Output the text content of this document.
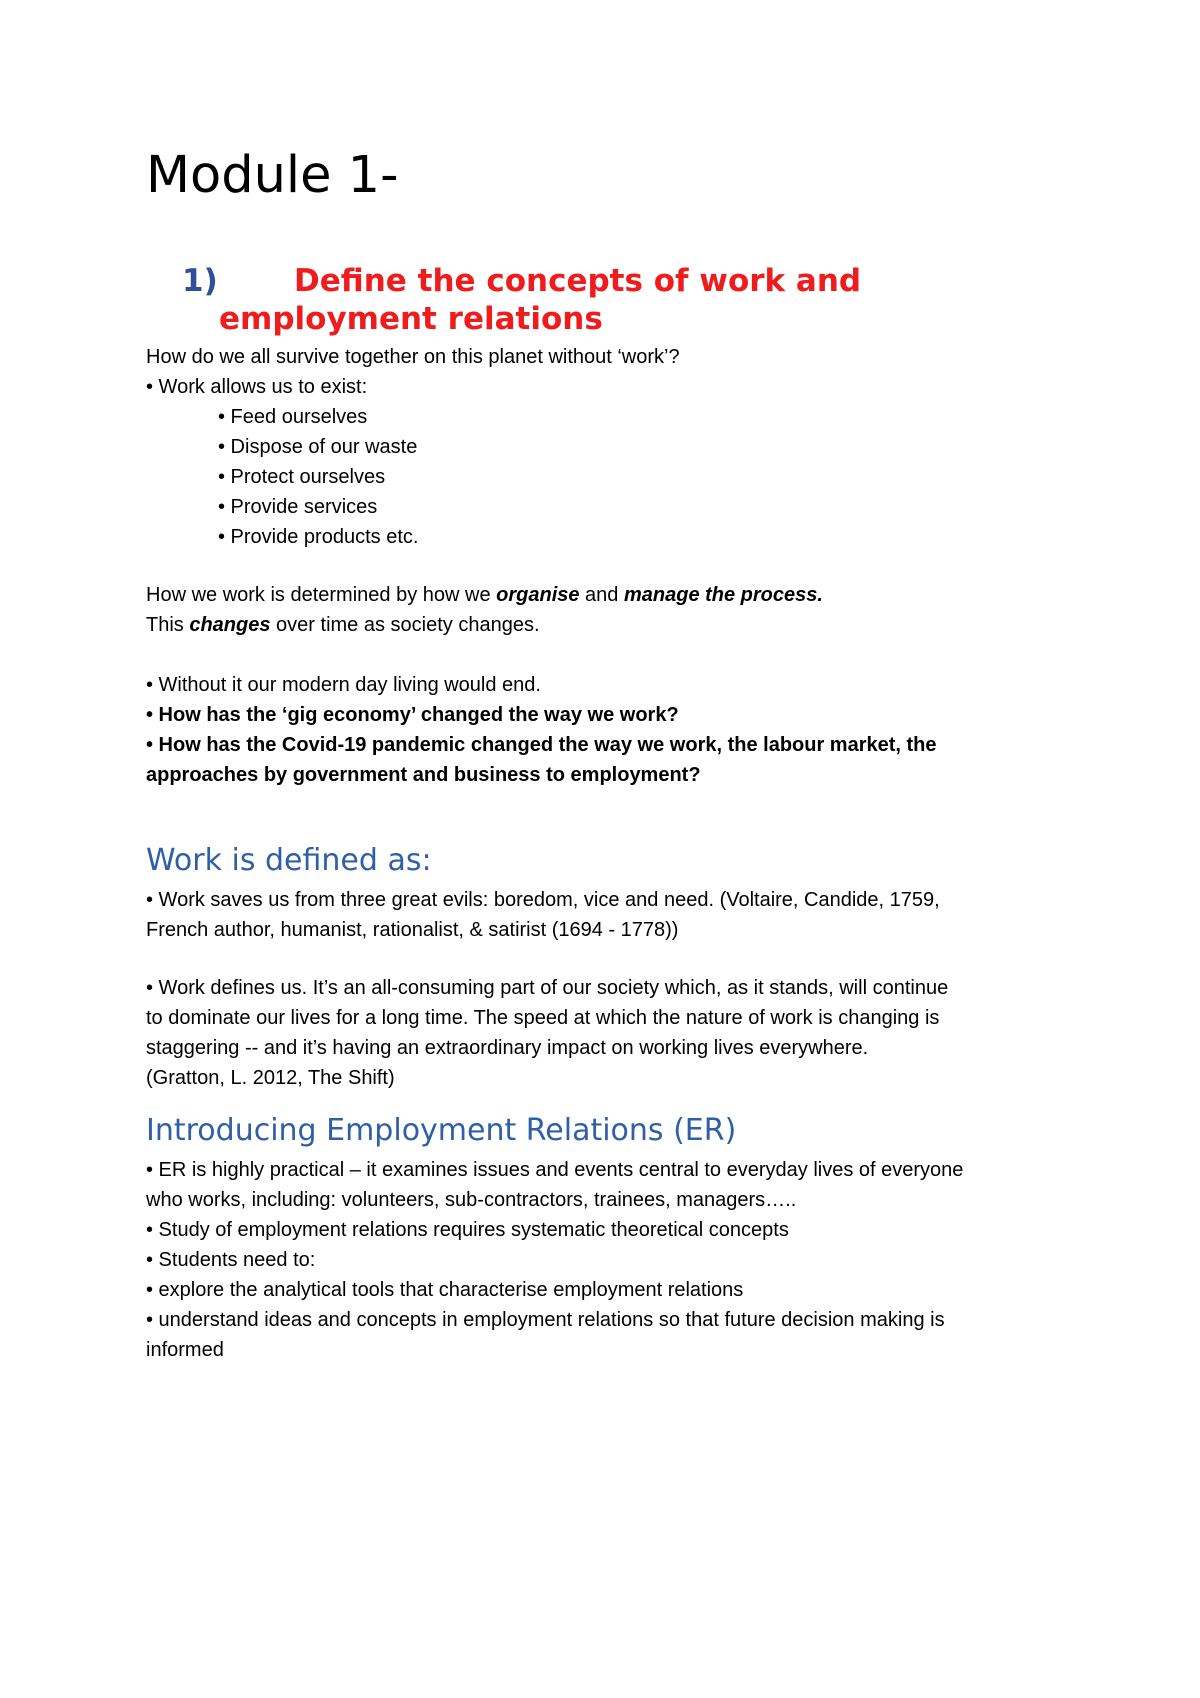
Module 1-
1) Define the concepts of work and

employment relations

How do we all survive together on this planet without ‘work’?

• Work allows us to exist:

• Feed ourselves

• Dispose of our waste

• Protect ourselves

• Provide services

• Provide products etc.

How we work is determined by how we organise and manage the process.

This changes over time as society changes.

• Without it our modern day living would end.

• How has the ‘gig economy’ changed the way we work?

• How has the Covid-19 pandemic changed the way we work, the labour market, the

approaches by government and business to employment?

Work is defined as:

• Work saves us from three great evils: boredom, vice and need. (Voltaire, Candide, 1759,

French author, humanist, rationalist, & satirist (1694 - 1778))

• Work defines us. It’s an all-consuming part of our society which, as it stands, will continue

to dominate our lives for a long time. The speed at which the nature of work is changing is

staggering -- and it’s having an extraordinary impact on working lives everywhere.

(Gratton, L. 2012, The Shift)

Introducing Employment Relations (ER)

• ER is highly practical – it examines issues and events central to everyday lives of everyone

who works, including: volunteers, sub-contractors, trainees, managers…..

• Study of employment relations requires systematic theoretical concepts

• Students need to:

• explore the analytical tools that characterise employment relations

• understand ideas and concepts in employment relations so that future decision making is

informed
